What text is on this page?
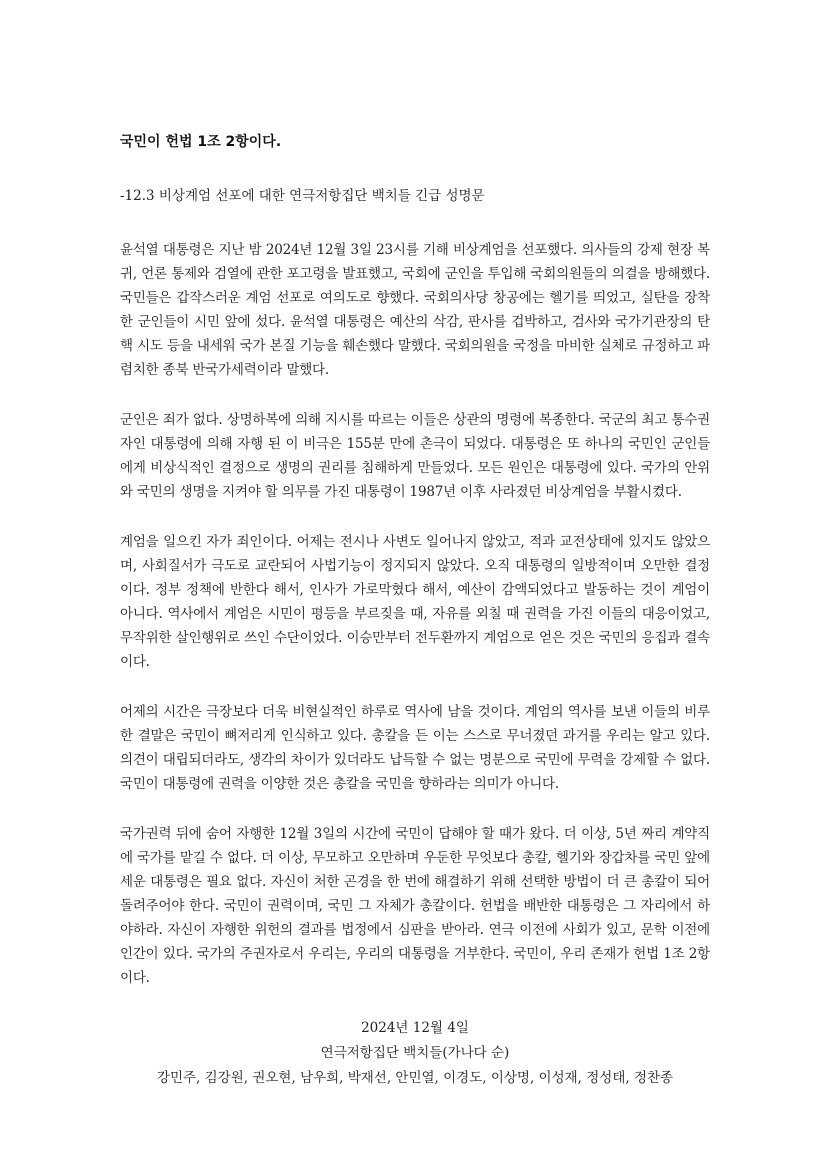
국민이 헌법 1조 2항이다.
-12.3 비상계엄 선포에 대한 연극저항집단 백치들 긴급 성명문

윤석열 대통령은 지난 밤 2024년 12월 3일 23시를 기해 비상계엄을 선포했다. 의사들의 강제 현장 복귀, 언론 통제와 검열에 관한 포고령을 발표했고, 국회에 군인을 투입해 국회의원들의 의결을 방해했다. 국민들은 갑작스러운 계엄 선포로 여의도로 향했다. 국회의사당 창공에는 헬기를 띄었고, 실탄을 장착한 군인들이 시민 앞에 섰다. 윤석열 대통령은 예산의 삭감, 판사를 겁박하고, 검사와 국가기관장의 탄핵 시도 등을 내세워 국가 본질 기능을 훼손했다 말했다. 국회의원을 국정을 마비한 실체로 규정하고 파렴치한 종북 반국가세력이라 말했다.

군인은 죄가 없다. 상명하복에 의해 지시를 따르는 이들은 상관의 명령에 복종한다. 국군의 최고 통수권자인 대통령에 의해 자행 된 이 비극은 155분 만에 촌극이 되었다. 대통령은 또 하나의 국민인 군인들에게 비상식적인 결정으로 생명의 권리를 침해하게 만들었다. 모든 원인은 대통령에 있다. 국가의 안위와 국민의 생명을 지켜야 할 의무를 가진 대통령이 1987년 이후 사라졌던 비상계엄을 부활시켰다.

계엄을 일으킨 자가 죄인이다. 어제는 전시나 사변도 일어나지 않았고, 적과 교전상태에 있지도 않았으며, 사회질서가 극도로 교란되어 사법기능이 정지되지 않았다. 오직 대통령의 일방적이며 오만한 결정이다. 정부 정책에 반한다 해서, 인사가 가로막혔다 해서, 예산이 감액되었다고 발동하는 것이 계엄이 아니다. 역사에서 계엄은 시민이 평등을 부르짖을 때, 자유를 외칠 때 권력을 가진 이들의 대응이었고, 무작위한 살인행위로 쓰인 수단이었다. 이승만부터 전두환까지 계엄으로 얻은 것은 국민의 응집과 결속이다.

어제의 시간은 극장보다 더욱 비현실적인 하루로 역사에 남을 것이다. 계엄의 역사를 보낸 이들의 비루한 결말은 국민이 뼈저리게 인식하고 있다. 총칼을 든 이는 스스로 무너졌던 과거를 우리는 알고 있다. 의견이 대립되더라도, 생각의 차이가 있더라도 납득할 수 없는 명분으로 국민에 무력을 강제할 수 없다. 국민이 대통령에 권력을 이양한 것은 총칼을 국민을 향하라는 의미가 아니다.

국가권력 뒤에 숨어 자행한 12월 3일의 시간에 국민이 답해야 할 때가 왔다. 더 이상, 5년 짜리 계약직에 국가를 맡길 수 없다. 더 이상, 무모하고 오만하며 우둔한 무엇보다 총칼, 헬기와 장갑차를 국민 앞에 세운 대통령은 필요 없다. 자신이 처한 곤경을 한 번에 해결하기 위해 선택한 방법이 더 큰 총칼이 되어 돌려주어야 한다. 국민이 권력이며, 국민 그 자체가 총칼이다. 헌법을 배반한 대통령은 그 자리에서 하야하라. 자신이 자행한 위헌의 결과를 법정에서 심판을 받아라. 연극 이전에 사회가 있고, 문학 이전에 인간이 있다. 국가의 주권자로서 우리는, 우리의 대통령을 거부한다. 국민이, 우리 존재가 헌법 1조 2항이다.

2024년 12월 4일
연극저항집단 백치들(가나다 순)
강민주, 김강원, 권오현, 남우희, 박재선, 안민열, 이경도, 이상명, 이성재, 정성태, 정찬종
